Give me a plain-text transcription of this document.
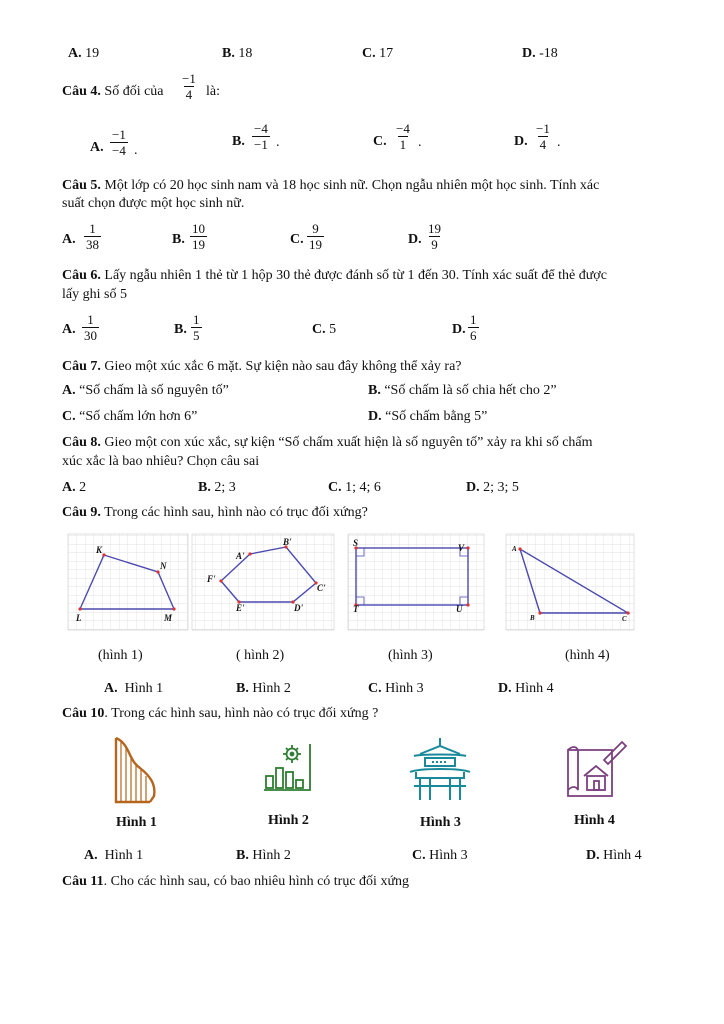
A. 19	B. 18	C. 17	D. -18
Câu 4. Số đối của
−1
4 là:
A.
−1
−4 .
B.
−4
−1 .	C.
−4
1 .	D.
−1
4 .
Câu 5. Một lớp có 20 học sinh nam và 18 học sinh nữ. Chọn ngẫu nhiên một học sinh. Tính xác
suất chọn được một học sinh nữ.
A.
1
38	B.
10
19	C.
9
19	D.
19
9
Câu 6. Lấy ngẫu nhiên 1 thẻ từ 1 hộp 30 thẻ được đánh số từ 1 đến 30. Tính xác suất để thẻ được
lấy ghi số 5
A.
1
30	B.
1
5	C. 5	D.
1
6
Câu 7. Gieo một xúc xắc 6 mặt. Sự kiện nào sau đây không thể xảy ra?
A. “Số chấm là số nguyên tố”	B. “Số chấm là số chia hết cho 2”
C. “Số chấm lớn hơn 6”	D. “Số chấm bằng 5”
Câu 8. Gieo một con xúc xắc, sự kiện “Số chấm xuất hiện là số nguyên tố” xảy ra khi số chấm
xúc xắc là bao nhiêu? Chọn câu sai
A. 2	B. 2; 3	C. 1; 4; 6	D. 2; 3; 5
Câu 9. Trong các hình sau, hình nào có trục đối xứng?
K
N
L	M
A'
B'
C'
D'
E'
F'
S	V
T	U
A
B	C
(hình 1)	( hình 2)	(hình 3)	(hình 4)
A. Hình 1	B. Hình 2	C. Hình 3	D. Hình 4
Câu 10. Trong các hình sau, hình nào có trục đối xứng ?
Hình 1	Hình 2	Hình 3	Hình 4
A. Hình 1	B. Hình 2	C. Hình 3	D. Hình 4
Câu 11. Cho các hình sau, có bao nhiêu hình có trục đối xứng
